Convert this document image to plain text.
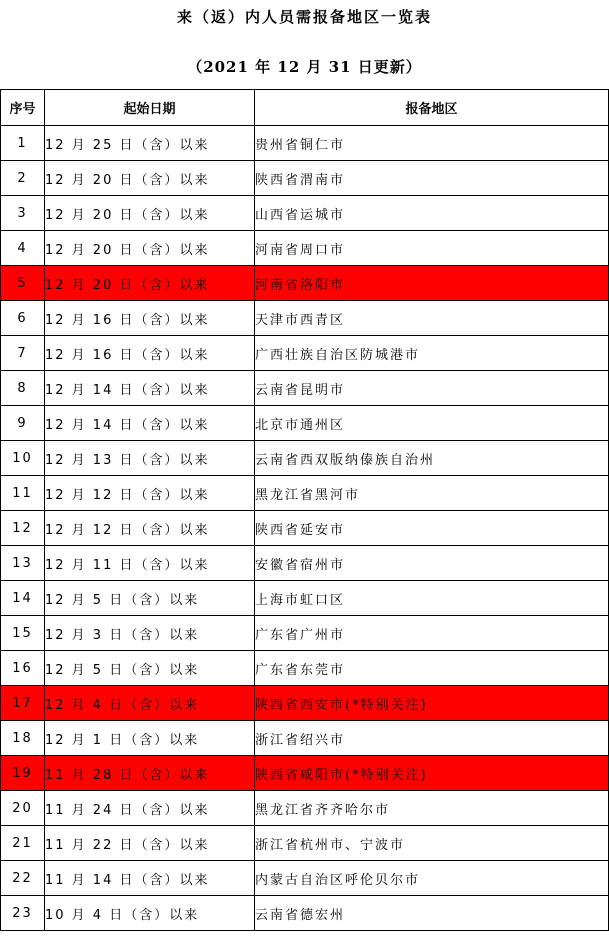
来（返）内人员需报备地区一览表
（2021 年 12 月 31 日更新）
序号	起始日期	报备地区
1	12 月 25 日（含）以来	贵州省铜仁市
2	12 月 20 日（含）以来	陕西省渭南市
3	12 月 20 日（含）以来	山西省运城市
4	12 月 20 日（含）以来	河南省周口市
5	12 月 20 日（含）以来	河南省洛阳市
6	12 月 16 日（含）以来	天津市西青区
7	12 月 16 日（含）以来	广西壮族自治区防城港市
8	12 月 14 日（含）以来	云南省昆明市
9	12 月 14 日（含）以来	北京市通州区
10	12 月 13 日（含）以来	云南省西双版纳傣族自治州
11	12 月 12 日（含）以来	黑龙江省黑河市
12	12 月 12 日（含）以来	陕西省延安市
13	12 月 11 日（含）以来	安徽省宿州市
14	12 月 5 日（含）以来	上海市虹口区
15	12 月 3 日（含）以来	广东省广州市
16	12 月 5 日（含）以来	广东省东莞市
17	12 月 4 日（含）以来	陕西省西安市(*特别关注)
18	12 月 1 日（含）以来	浙江省绍兴市
19	11 月 28 日（含）以来	陕西省咸阳市(*特别关注)
20	11 月 24 日（含）以来	黑龙江省齐齐哈尔市
21	11 月 22 日（含）以来	浙江省杭州市、宁波市
22	11 月 14 日（含）以来	内蒙古自治区呼伦贝尔市
23	10 月 4 日（含）以来	云南省德宏州
